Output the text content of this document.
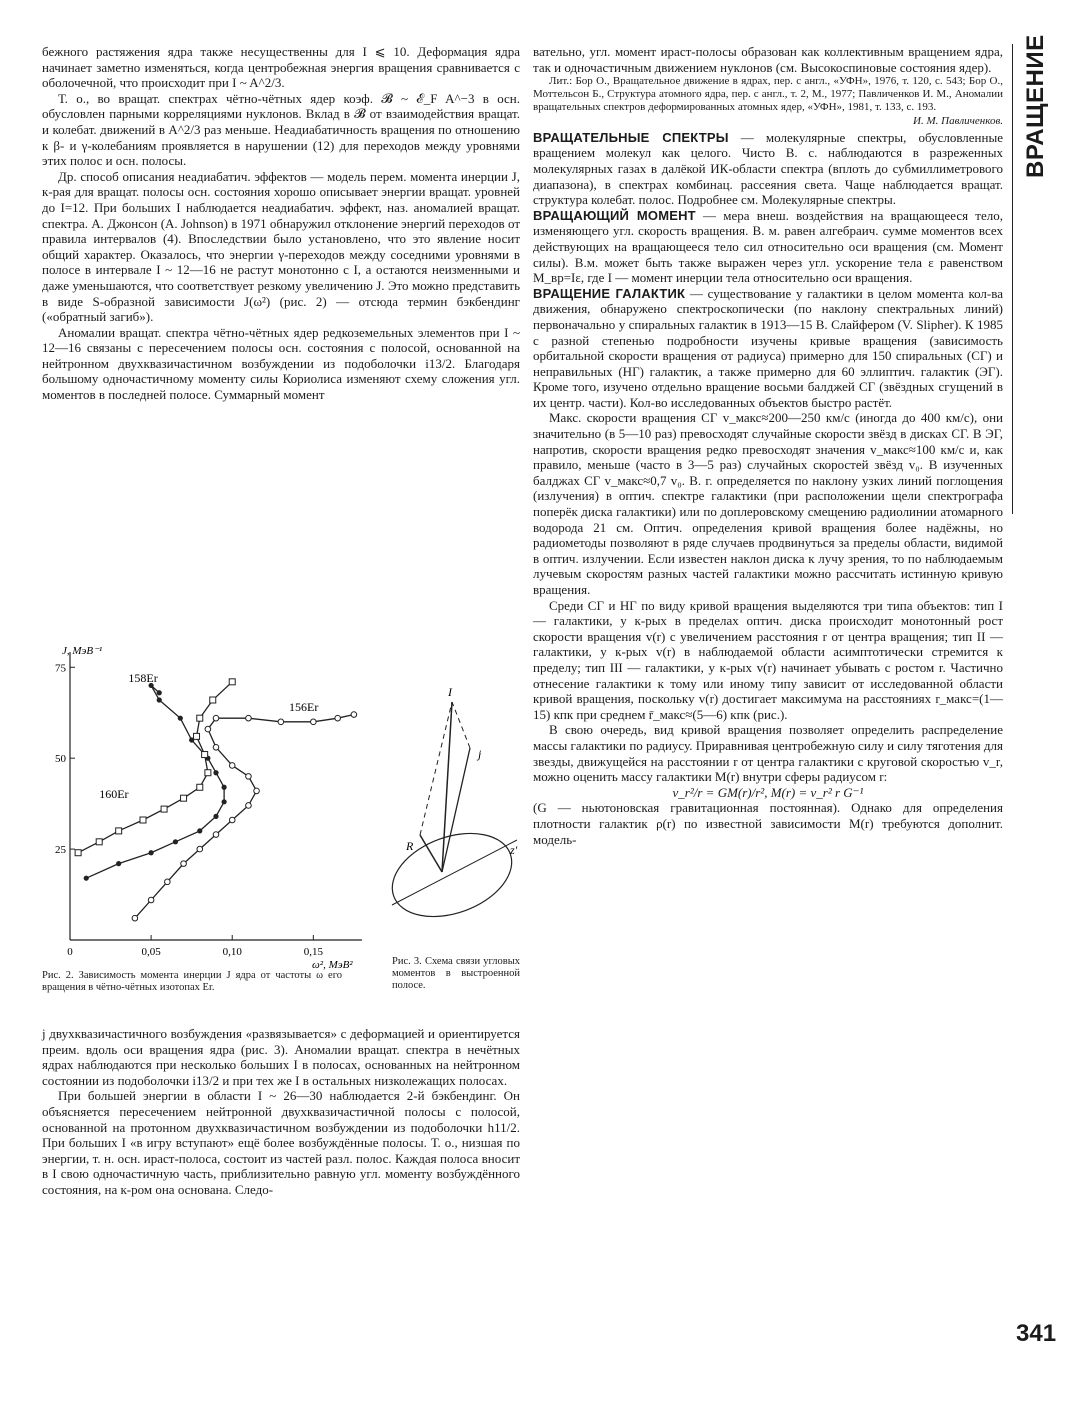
ВРАЩЕНИЕ

бежного растяжения ядра также несущественны для I ⩽ 10. Деформация ядра начинает заметно изменяться, когда центробежная энергия вращения сравнивается с оболочечной, что происходит при I ~ A^2/3.

Т. о., во вращат. спектрах чётно-чётных ядер коэф. 𝓑 ~ ℰ_F A^−3 в осн. обусловлен парными корреляциями нуклонов. Вклад в 𝓑 от взаимодействия вращат. и колебат. движений в A^2/3 раз меньше. Неадиабатичность вращения по отношению к β- и γ-колебаниям проявляется в нарушении (12) для переходов между уровнями этих полос и осн. полосы.

Др. способ описания неадиабатич. эффектов — модель перем. момента инерции J, к-рая для вращат. полосы осн. состояния хорошо описывает энергии вращат. уровней до I=12. При больших I наблюдается неадиабатич. эффект, наз. аномалией вращат. спектра. А. Джонсон (A. Johnson) в 1971 обнаружил отклонение энергий переходов от правила интервалов (4). Впоследствии было установлено, что это явление носит общий характер. Оказалось, что энергии γ-переходов между соседними уровнями в полосе в интервале I ~ 12—16 не растут монотонно с I, а остаются неизменными и даже уменьшаются, что соответствует резкому увеличению J. Это можно представить в виде S-образной зависимости J(ω²) (рис. 2) — отсюда термин бэкбендинг («обратный загиб»).

Аномалии вращат. спектра чётно-чётных ядер редкоземельных элементов при I ~ 12—16 связаны с пересечением полосы осн. состояния с полосой, основанной на нейтронном двухквазичастичном возбуждении из подоболочки i13/2. Благодаря большому одночастичному моменту силы Кориолиса изменяют схему сложения угл. моментов в последней полосе. Суммарный момент

75
50
25
0	0,05	0,10	0,15
J, МэВ⁻¹
ω², МэВ²
158Er
156Er
160Er
I
j
R	z'
Рис. 2. Зависимость момента инерции J ядра от частоты ω его вращения в чётно-чётных изотопах Er.
Рис. 3. Схема связи угловых моментов в выстроенной полосе.

j двухквазичастичного возбуждения «развязывается» с деформацией и ориентируется преим. вдоль оси вращения ядра (рис. 3). Аномалии вращат. спектра в нечётных ядрах наблюдаются при несколько больших I в полосах, основанных на нейтронном состоянии из подоболочки i13/2 и при тех же I в остальных низколежащих полосах.

При большей энергии в области I ~ 26—30 наблюдается 2-й бэкбендинг. Он объясняется пересечением нейтронной двухквазичастичной полосы с полосой, основанной на протонном двухквазичастичном возбуждении из подоболочки h11/2. При больших I «в игру вступают» ещё более возбуждённые полосы. Т. о., низшая по энергии, т. н. осн. ираст-полоса, состоит из частей разл. полос. Каждая полоса вносит в I свою одночастичную часть, приблизительно равную угл. моменту возбуждённого состояния, на к-ром она основана. Следо-

вательно, угл. момент ираст-полосы образован как коллективным вращением ядра, так и одночастичным движением нуклонов (см. Высокоспиновые состояния ядер).

Лит.: Бор О., Вращательное движение в ядрах, пер. с англ., «УФН», 1976, т. 120, с. 543; Бор О., Моттельсон Б., Структура атомного ядра, пер. с англ., т. 2, М., 1977; Павличенков И. М., Аномалии вращательных спектров деформированных атомных ядер, «УФН», 1981, т. 133, с. 193.

И. М. Павличенков.

ВРАЩАТЕЛЬНЫЕ СПЕКТРЫ — молекулярные спектры, обусловленные вращением молекул как целого. Чисто В. с. наблюдаются в разреженных молекулярных газах в далёкой ИК-области спектра (вплоть до субмиллиметрового диапазона), в спектрах комбинац. рассеяния света. Чаще наблюдается вращат. структура колебат. полос. Подробнее см. Молекулярные спектры.

ВРАЩАЮЩИЙ МОМЕНТ — мера внеш. воздействия на вращающееся тело, изменяющего угл. скорость вращения. В. м. равен алгебраич. сумме моментов всех действующих на вращающееся тело сил относительно оси вращения (см. Момент силы). В.м. может быть также выражен через угл. ускорение тела ε равенством M_вр=Iε, где I — момент инерции тела относительно оси вращения.

ВРАЩЕНИЕ ГАЛАКТИК — существование у галактики в целом момента кол-ва движения, обнаружено спектроскопически (по наклону спектральных линий) первоначально у спиральных галактик в 1913—15 В. Слайфером (V. Slipher). К 1985 с разной степенью подробности изучены кривые вращения (зависимость орбитальной скорости вращения от радиуса) примерно для 150 спиральных (СГ) и неправильных (НГ) галактик, а также примерно для 60 эллиптич. галактик (ЭГ). Кроме того, изучено отдельно вращение восьми балджей СГ (звёздных сгущений в их центр. части). Кол-во исследованных объектов быстро растёт.

Макс. скорости вращения СГ v_макс≈200—250 км/с (иногда до 400 км/с), они значительно (в 5—10 раз) превосходят случайные скорости звёзд в дисках СГ. В ЭГ, напротив, скорости вращения редко превосходят значения v_макс≈100 км/с и, как правило, меньше (часто в 3—5 раз) случайных скоростей звёзд v₀. В изученных балджах СГ v_макс≈0,7 v₀. В. г. определяется по наклону узких линий поглощения (излучения) в оптич. спектре галактики (при расположении щели спектрографа поперёк диска галактики) или по доплеровскому смещению радиолинии атомарного водорода 21 см. Оптич. определения кривой вращения более надёжны, но радиометоды позволяют в ряде случаев продвинуться за пределы области, видимой в оптич. излучении. Если известен наклон диска к лучу зрения, то по наблюдаемым лучевым скоростям разных частей галактики можно рассчитать истинную кривую вращения.

Среди СГ и НГ по виду кривой вращения выделяются три типа объектов: тип I — галактики, у к-рых в пределах оптич. диска происходит монотонный рост скорости вращения v(r) с увеличением расстояния r от центра вращения; тип II — галактики, у к-рых v(r) в наблюдаемой области асимптотически стремится к пределу; тип III — галактики, у к-рых v(r) начинает убывать с ростом r. Частично отнесение галактики к тому или иному типу зависит от исследованной области кривой вращения, поскольку v(r) достигает максимума на расстояниях r_макс=(1—15) кпк при среднем r̄_макс≈(5—6) кпк (рис.).

В свою очередь, вид кривой вращения позволяет определить распределение массы галактики по радиусу. Приравнивая центробежную силу и силу тяготения для звезды, движущейся на расстоянии r от центра галактики с круговой скоростью v_r, можно оценить массу галактики M(r) внутри сферы радиусом r:

v_r²/r = GM(r)/r², M(r) = v_r² r G⁻¹

(G — ньютоновская гравитационная постоянная). Однако для определения плотности галактик ρ(r) по известной зависимости M(r) требуются дополнит. модель-

341
